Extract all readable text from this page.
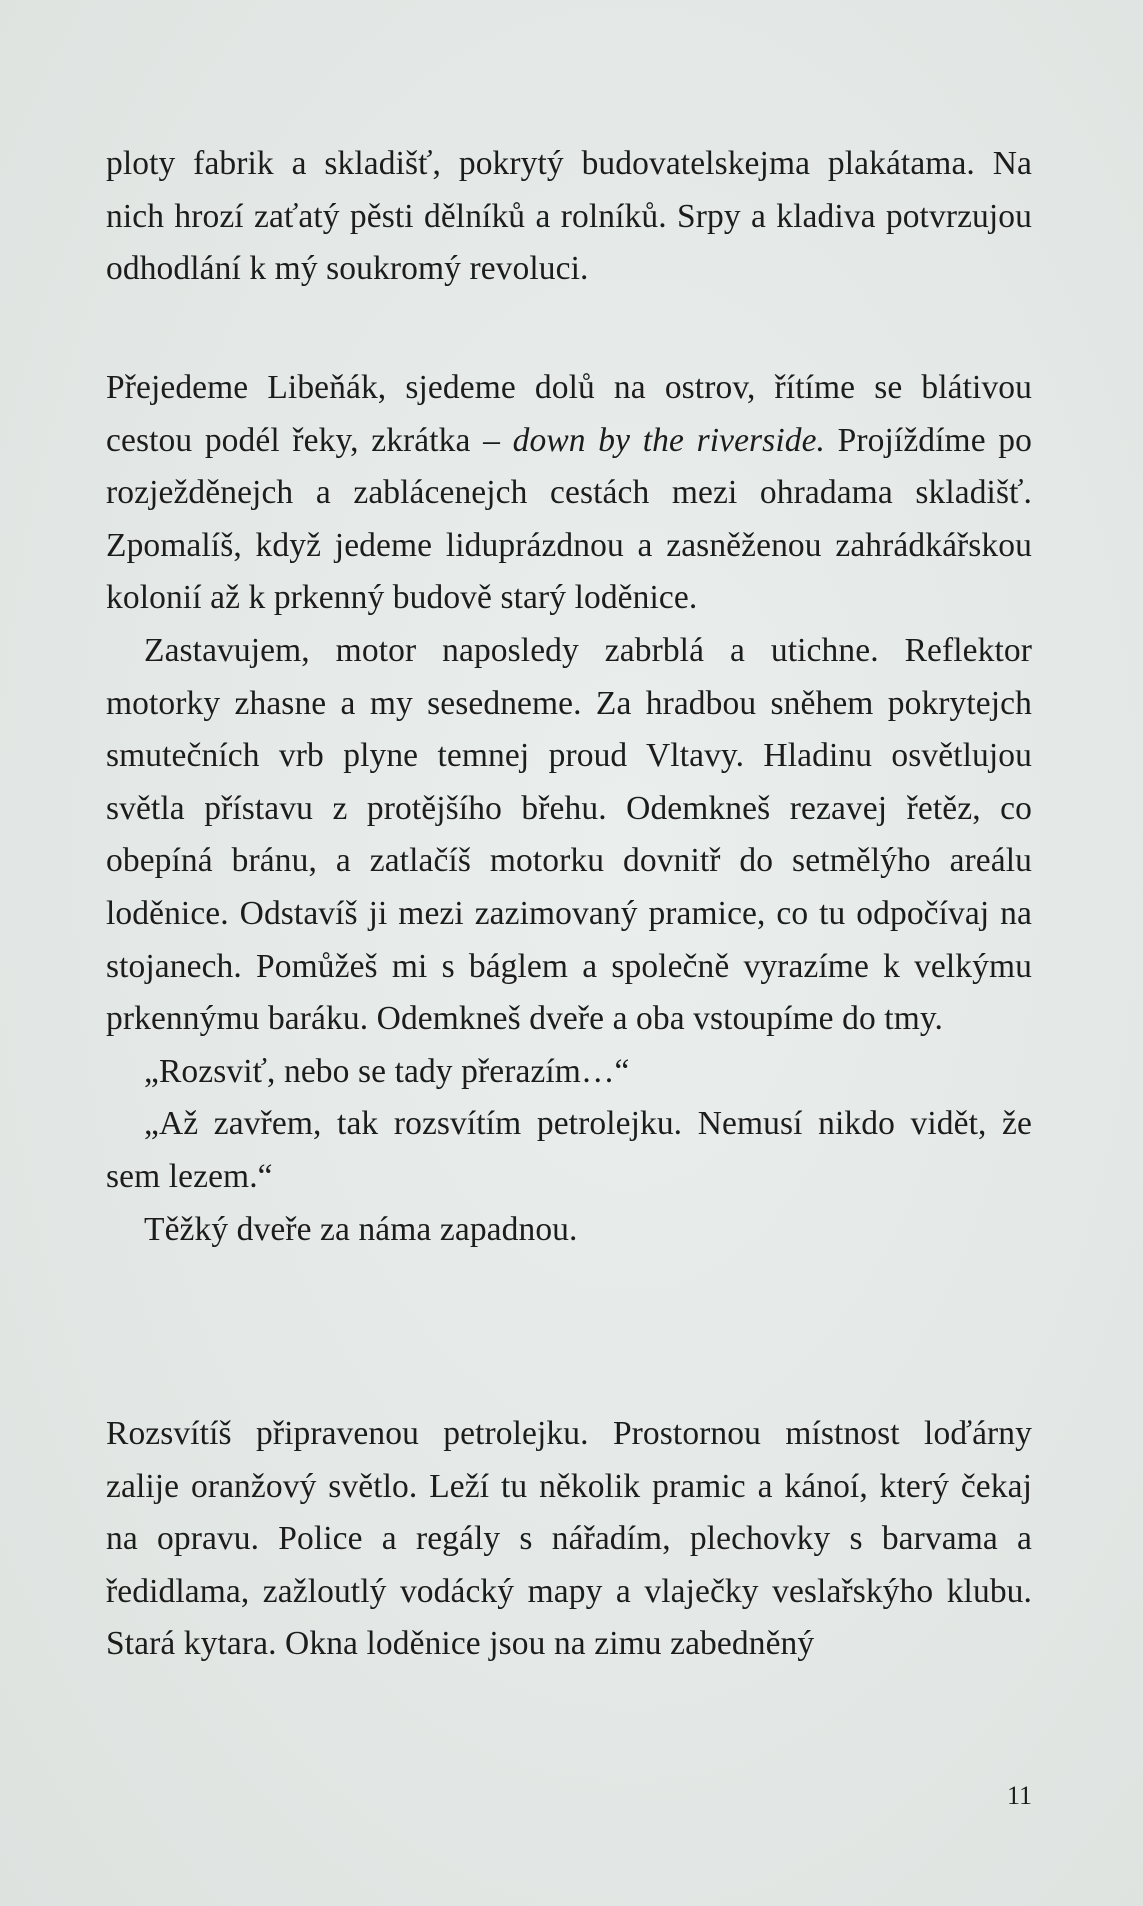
ploty fabrik a skladišť, pokrytý budovatelskejma plakátama. Na nich hrozí zaťatý pěsti dělníků a rolníků. Srpy a kladiva potvrzujou odhodlání k mý soukromý revoluci.

Přejedeme Libeňák, sjedeme dolů na ostrov, řítíme se blátivou cestou podél řeky, zkrátka – down by the riverside. Projíždíme po rozježděnejch a zablácenejch cestách mezi ohradama skladišť. Zpomalíš, když jedeme liduprázdnou a zasněženou zahrádkářskou kolonií až k prkenný budově starý loděnice.

Zastavujem, motor naposledy zabrblá a utichne. Reflektor motorky zhasne a my sesedneme. Za hradbou sněhem pokrytejch smutečních vrb plyne temnej proud Vltavy. Hladinu osvětlujou světla přístavu z protějšího břehu. Odemkneš rezavej řetěz, co obepíná bránu, a zatlačíš motorku dovnitř do setmělýho areálu loděnice. Odstavíš ji mezi zazimovaný pramice, co tu odpočívaj na stojanech. Pomůžeš mi s báglem a společně vyrazíme k velkýmu prkennýmu baráku. Odemkneš dveře a oba vstoupíme do tmy.

„Rozsviť, nebo se tady přerazím…“

„Až zavřem, tak rozsvítím petrolejku. Nemusí nikdo vidět, že sem lezem.“

Těžký dveře za náma zapadnou.

Rozsvítíš připravenou petrolejku. Prostornou místnost loďárny zalije oranžový světlo. Leží tu několik pramic a kánoí, který čekaj na opravu. Police a regály s nářadím, plechovky s barvama a ředidlama, zažloutlý vodácký mapy a vlaječky veslařskýho klubu. Stará kytara. Okna loděnice jsou na zimu zabedněný

11
